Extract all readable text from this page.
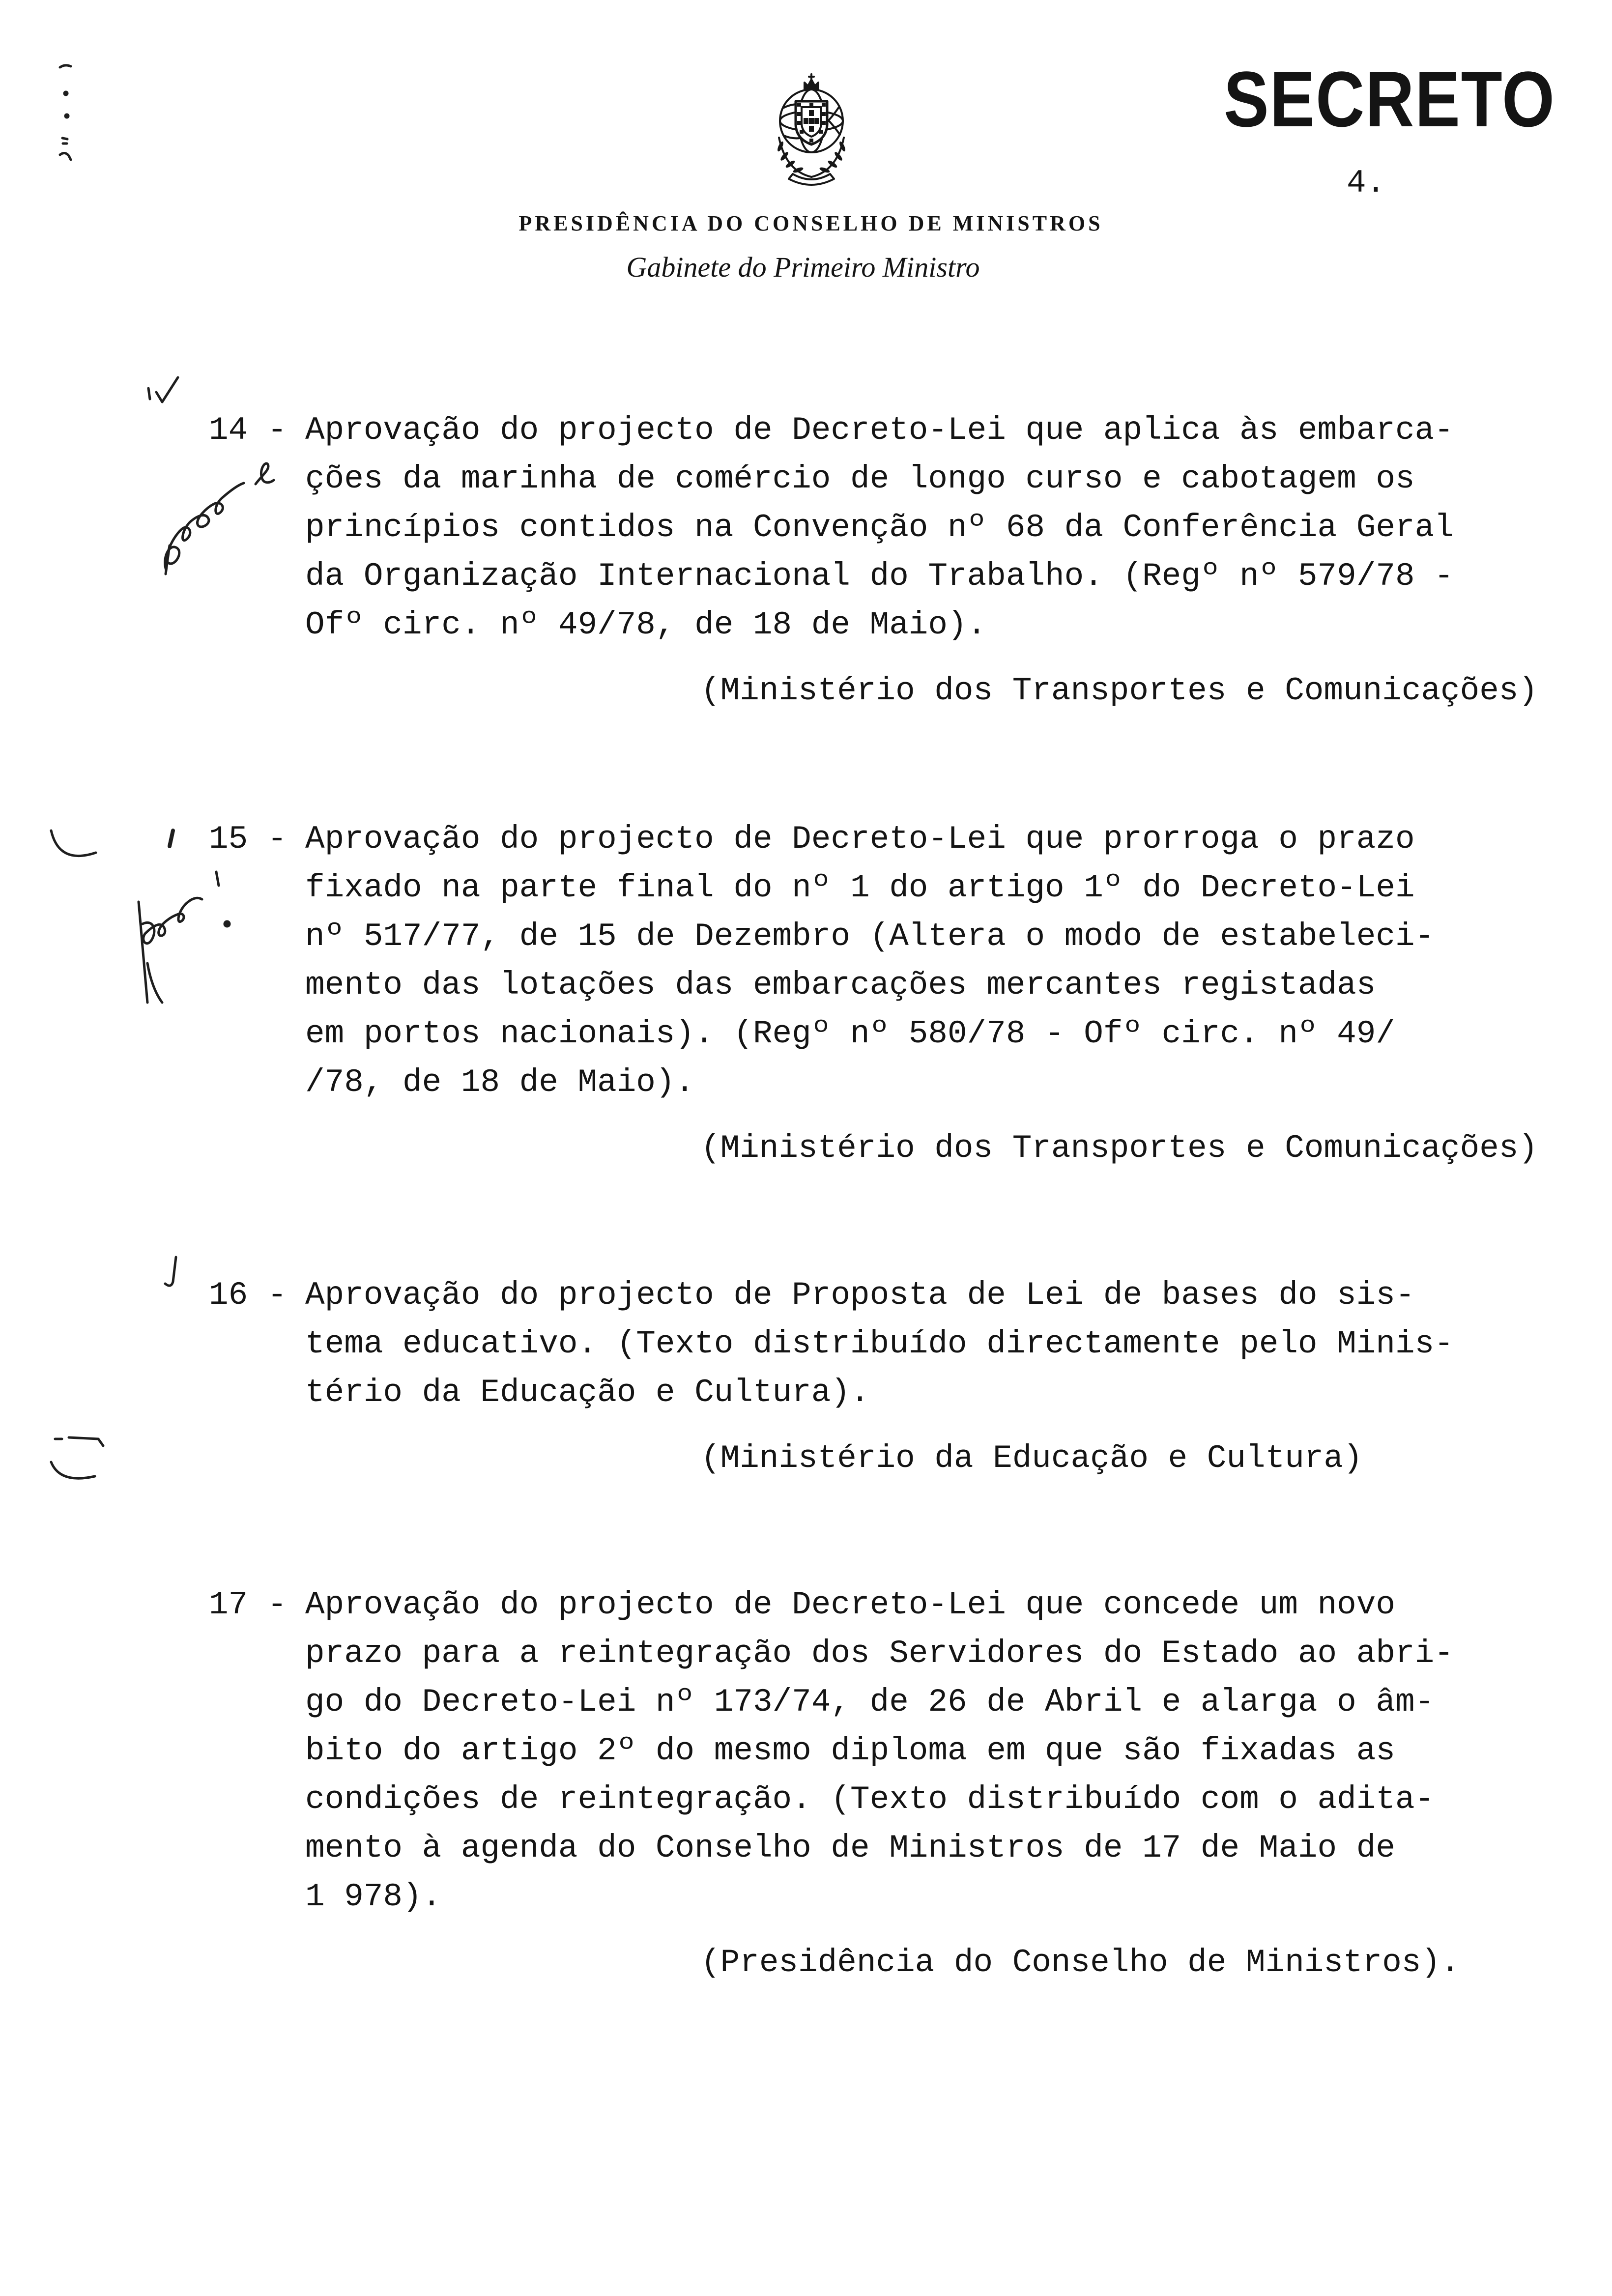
SECRETO
4.
PRESIDÊNCIA DO CONSELHO DE MINISTROS
Gabinete do Primeiro Ministro
14 - Aprovação do projecto de Decreto-Lei que aplica às embarca-
ções da marinha de comércio de longo curso e cabotagem os
princípios contidos na Convenção nº 68 da Conferência Geral
da Organização Internacional do Trabalho. (Regº nº 579/78 -
Ofº circ. nº 49/78, de 18 de Maio).
(Ministério dos Transportes e Comunicações)
15 - Aprovação do projecto de Decreto-Lei que prorroga o prazo
fixado na parte final do nº 1 do artigo 1º do Decreto-Lei
nº 517/77, de 15 de Dezembro (Altera o modo de estabeleci-
mento das lotações das embarcações mercantes registadas
em portos nacionais). (Regº nº 580/78 - Ofº circ. nº 49/
/78, de 18 de Maio).
(Ministério dos Transportes e Comunicações)
16 - Aprovação do projecto de Proposta de Lei de bases do sis-
tema educativo. (Texto distribuído directamente pelo Minis-
tério da Educação e Cultura).
(Ministério da Educação e Cultura)
17 - Aprovação do projecto de Decreto-Lei que concede um novo
prazo para a reintegração dos Servidores do Estado ao abri-
go do Decreto-Lei nº 173/74, de 26 de Abril e alarga o âm-
bito do artigo 2º do mesmo diploma em que são fixadas as
condições de reintegração. (Texto distribuído com o adita-
mento à agenda do Conselho de Ministros de 17 de Maio de
1 978).
(Presidência do Conselho de Ministros).
